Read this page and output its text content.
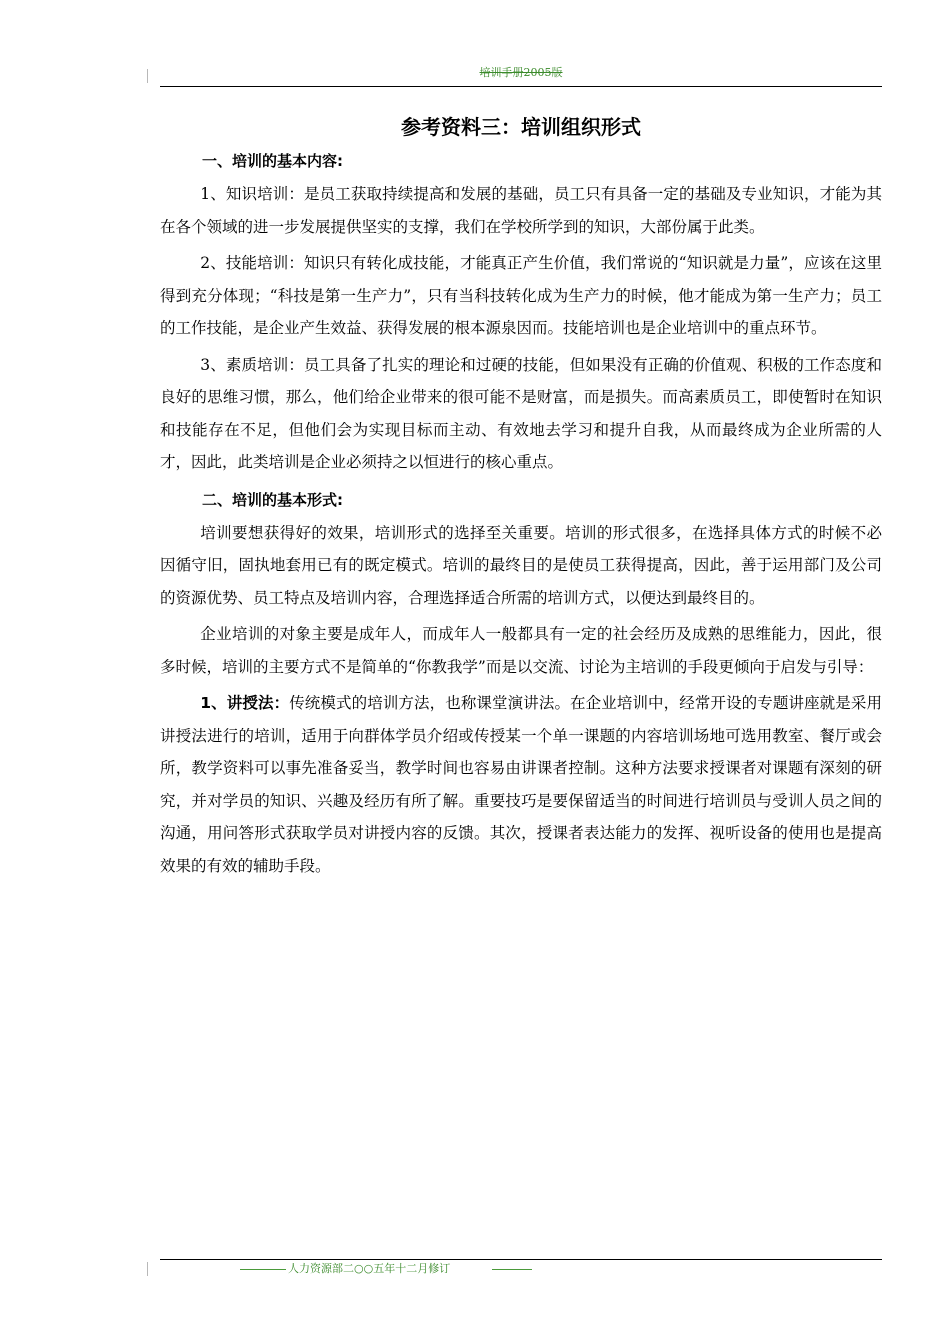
培训手册2005版
参考资料三：培训组织形式

一、培训的基本内容:

1、知识培训：是员工获取持续提高和发展的基础，员工只有具备一定的基础及专业知识，才能为其在各个领域的进一步发展提供坚实的支撑，我们在学校所学到的知识，大部份属于此类。

2、技能培训：知识只有转化成技能，才能真正产生价值，我们常说的“知识就是力量”，应该在这里得到充分体现；“科技是第一生产力”，只有当科技转化成为生产力的时候，他才能成为第一生产力；员工的工作技能，是企业产生效益、获得发展的根本源泉因而。技能培训也是企业培训中的重点环节。

3、素质培训：员工具备了扎实的理论和过硬的技能，但如果没有正确的价值观、积极的工作态度和良好的思维习惯，那么，他们给企业带来的很可能不是财富，而是损失。而高素质员工，即使暂时在知识和技能存在不足，但他们会为实现目标而主动、有效地去学习和提升自我，从而最终成为企业所需的人才，因此，此类培训是企业必须持之以恒进行的核心重点。

二、培训的基本形式:

培训要想获得好的效果，培训形式的选择至关重要。培训的形式很多，在选择具体方式的时候不必因循守旧，固执地套用已有的既定模式。培训的最终目的是使员工获得提高，因此，善于运用部门及公司的资源优势、员工特点及培训内容，合理选择适合所需的培训方式，以便达到最终目的。

企业培训的对象主要是成年人，而成年人一般都具有一定的社会经历及成熟的思维能力，因此，很多时候，培训的主要方式不是简单的“你教我学”而是以交流、讨论为主培训的手段更倾向于启发与引导：

1、讲授法：传统模式的培训方法，也称课堂演讲法。在企业培训中，经常开设的专题讲座就是采用讲授法进行的培训，适用于向群体学员介绍或传授某一个单一课题的内容培训场地可选用教室、餐厅或会所，教学资料可以事先准备妥当，教学时间也容易由讲课者控制。这种方法要求授课者对课题有深刻的研究，并对学员的知识、兴趣及经历有所了解。重要技巧是要保留适当的时间进行培训员与受训人员之间的沟通，用问答形式获取学员对讲授内容的反馈。其次，授课者表达能力的发挥、视听设备的使用也是提高效果的有效的辅助手段。

人力资源部二○○五年十二月修订
